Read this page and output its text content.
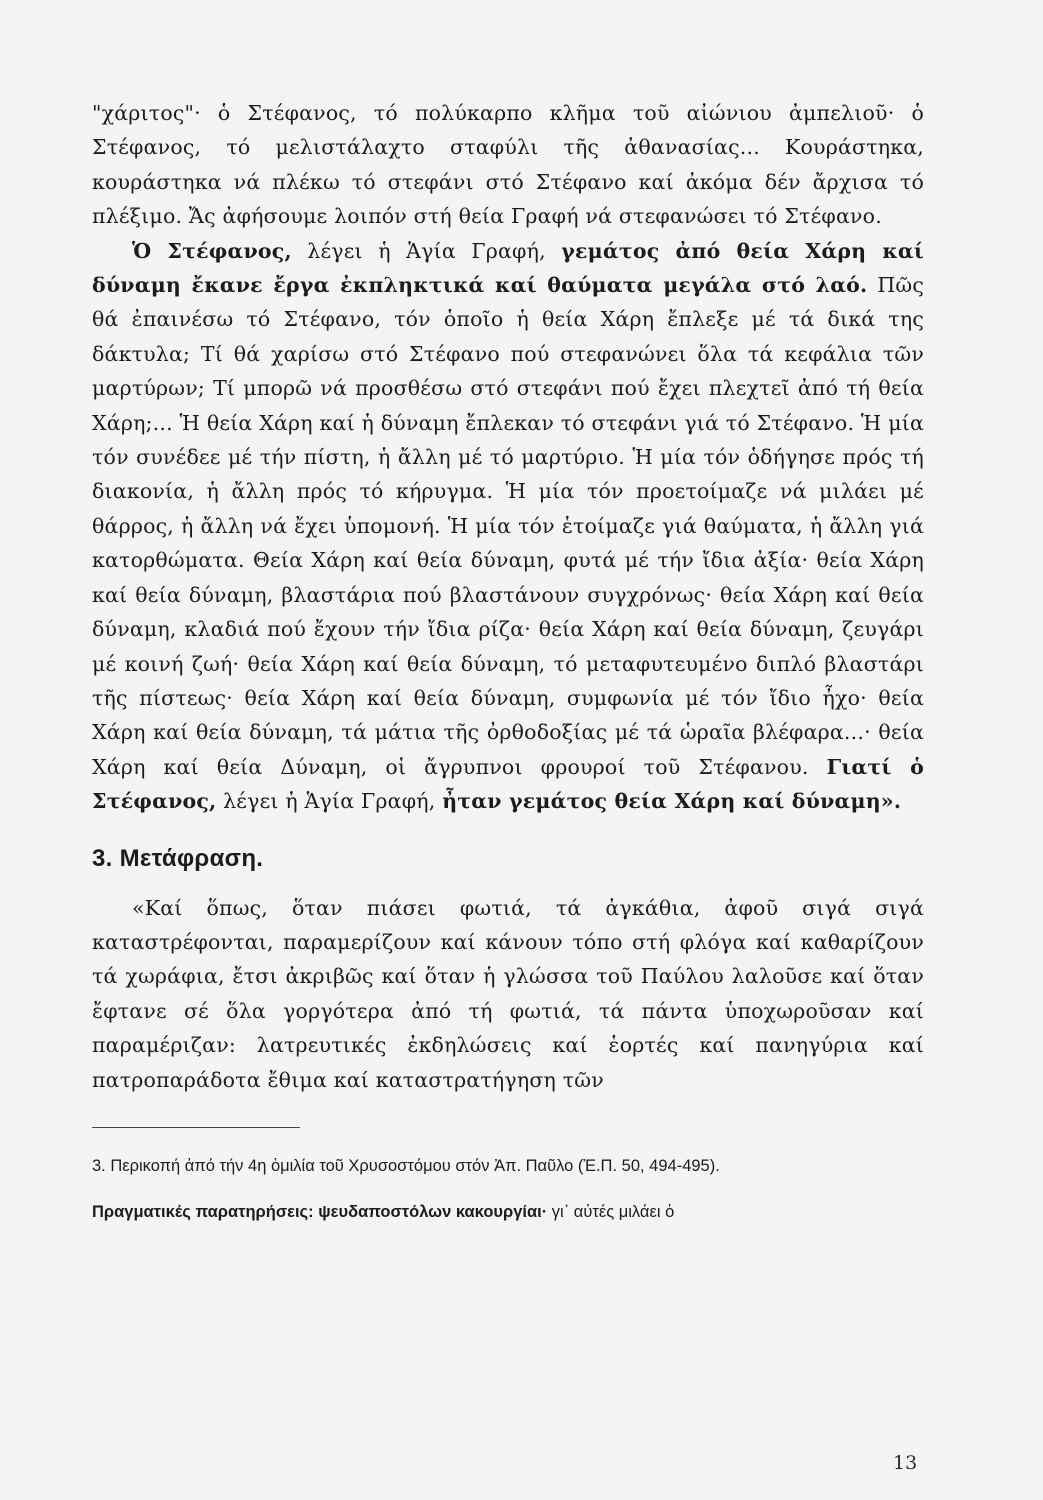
"χάριτος"· ὁ Στέφανος, τό πολύκαρπο κλῆμα τοῦ αἰώνιου ἀμπελιοῦ· ὁ Στέφανος, τό μελιστάλαχτο σταφύλι τῆς ἀθανασίας... Κουράστηκα, κουράστηκα νά πλέκω τό στεφάνι στό Στέφανο καί ἀκόμα δέν ἄρχισα τό πλέξιμο. Ἄς ἀφήσουμε λοιπόν στή θεία Γραφή νά στεφανώσει τό Στέφανο.

Ὁ Στέφανος, λέγει ἡ Ἁγία Γραφή, γεμάτος ἀπό θεία Χάρη καί δύναμη ἔκανε ἔργα ἐκπληκτικά καί θαύματα μεγάλα στό λαό. Πῶς θά ἐπαινέσω τό Στέφανο, τόν ὁποῖο ἡ θεία Χάρη ἔπλεξε μέ τά δικά της δάκτυλα; Τί θά χαρίσω στό Στέφανο πού στεφανώνει ὅλα τά κεφάλια τῶν μαρτύρων; Τί μπορῶ νά προσθέσω στό στεφάνι πού ἔχει πλεχτεῖ ἀπό τή θεία Χάρη;... Ἡ θεία Χάρη καί ἡ δύναμη ἔπλεκαν τό στεφάνι γιά τό Στέφανο. Ἡ μία τόν συνέδεε μέ τήν πίστη, ἡ ἄλλη μέ τό μαρτύριο. Ἡ μία τόν ὁδήγησε πρός τή διακονία, ἡ ἄλλη πρός τό κήρυγμα. Ἡ μία τόν προετοίμαζε νά μιλάει μέ θάρρος, ἡ ἄλλη νά ἔχει ὑπομονή. Ἡ μία τόν ἑτοίμαζε γιά θαύματα, ἡ ἄλλη γιά κατορθώματα. Θεία Χάρη καί θεία δύναμη, φυτά μέ τήν ἴδια ἀξία· θεία Χάρη καί θεία δύναμη, βλαστάρια πού βλαστάνουν συγχρόνως· θεία Χάρη καί θεία δύναμη, κλαδιά πού ἔχουν τήν ἴδια ρίζα· θεία Χάρη καί θεία δύναμη, ζευγάρι μέ κοινή ζωή· θεία Χάρη καί θεία δύναμη, τό μεταφυτευμένο διπλό βλαστάρι τῆς πίστεως· θεία Χάρη καί θεία δύναμη, συμφωνία μέ τόν ἴδιο ἦχο· θεία Χάρη καί θεία δύναμη, τά μάτια τῆς ὀρθοδοξίας μέ τά ὡραῖα βλέφαρα...· θεία Χάρη καί θεία Δύναμη, οἱ ἄγρυπνοι φρουροί τοῦ Στέφανου. Γιατί ὁ Στέφανος, λέγει ἡ Ἁγία Γραφή, ἦταν γεμάτος θεία Χάρη καί δύναμη».

3. Μετάφραση.

«Καί ὅπως, ὅταν πιάσει φωτιά, τά ἀγκάθια, ἀφοῦ σιγά σιγά καταστρέφονται, παραμερίζουν καί κάνουν τόπο στή φλόγα καί καθαρίζουν τά χωράφια, ἔτσι ἀκριβῶς καί ὅταν ἡ γλώσσα τοῦ Παύλου λαλοῦσε καί ὅταν ἔφτανε σέ ὅλα γοργότερα ἀπό τή φωτιά, τά πάντα ὑποχωροῦσαν καί παραμέριζαν: λατρευτικές ἐκδηλώσεις καί ἑορτές καί πανηγύρια καί πατροπαράδοτα ἔθιμα καί καταστρατήγηση τῶν

3. Περικοπή ἀπό τήν 4η ὁμιλία τοῦ Χρυσοστόμου στόν Ἀπ. Παῦλο (Ἐ.Π. 50, 494-495).

Πραγματικές παρατηρήσεις: ψευδαποστόλων κακουργίαι· γι᾽ αὐτές μιλάει ὁ

13
